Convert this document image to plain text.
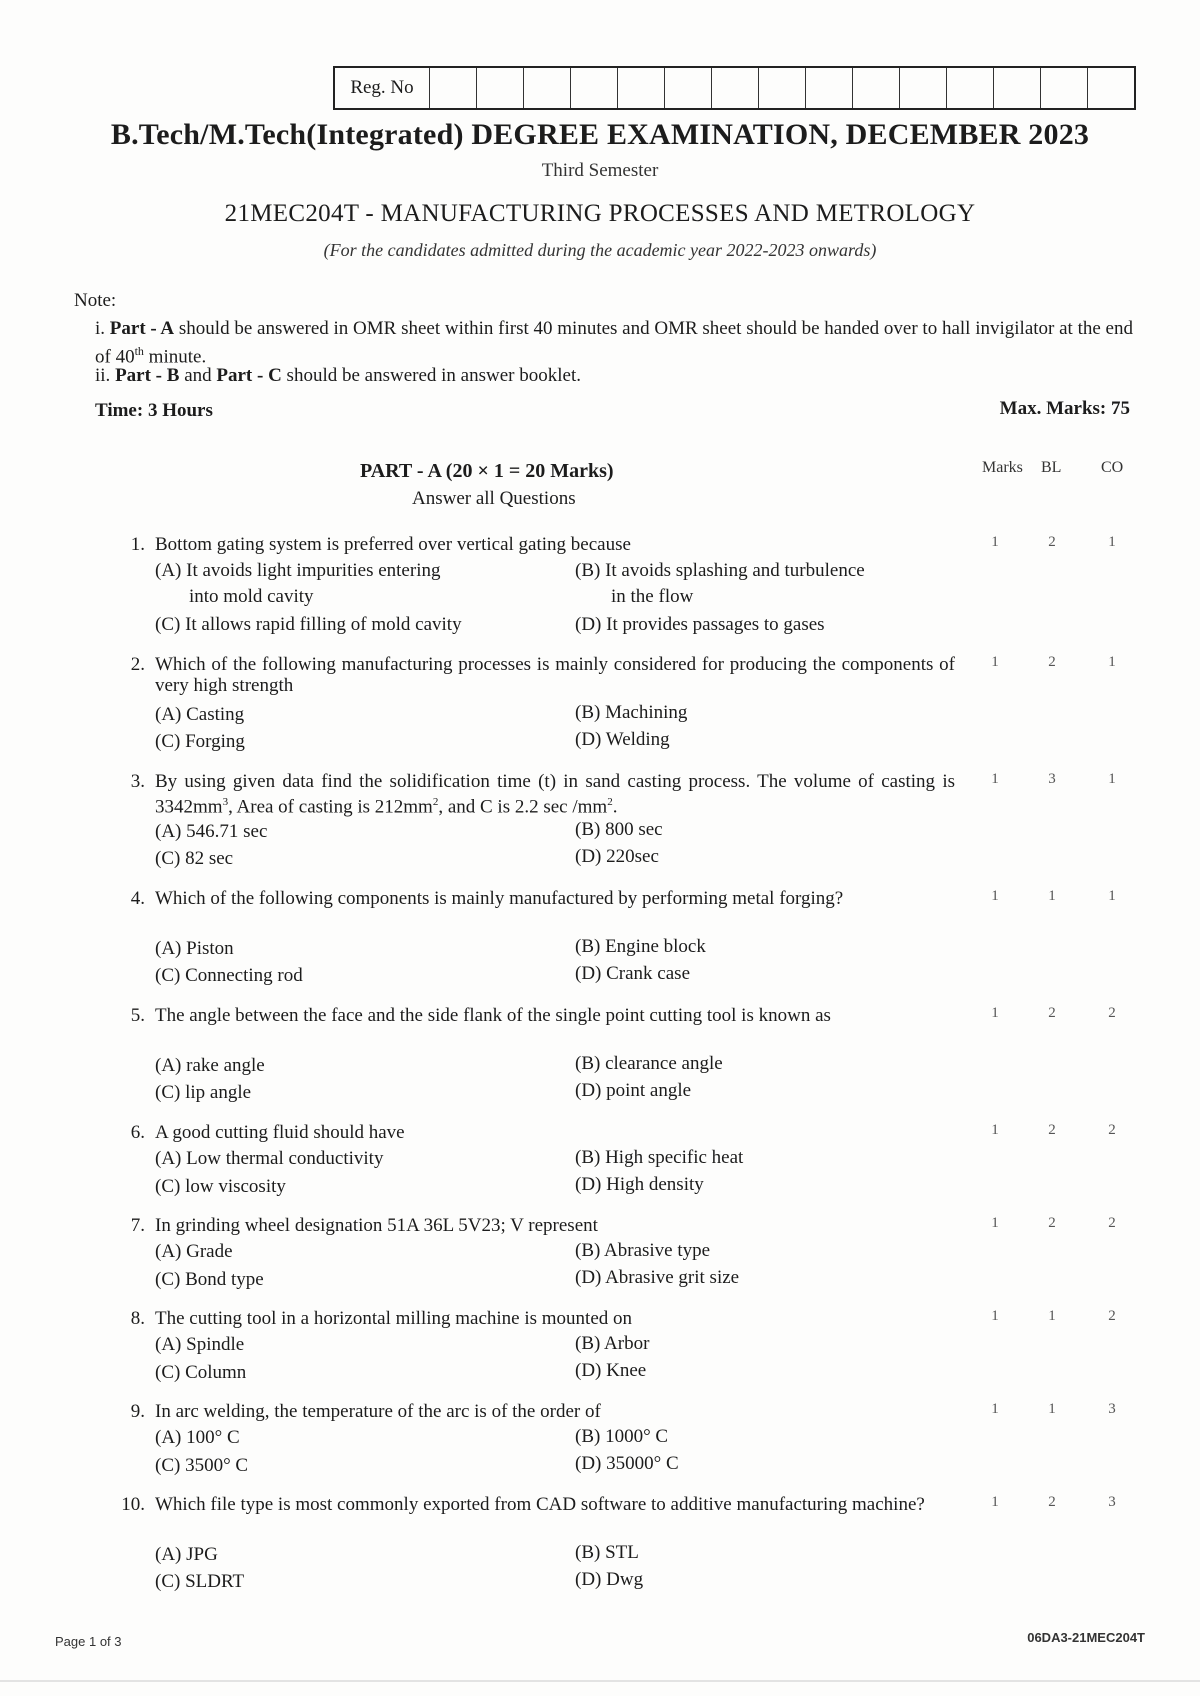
Reg. No
B.Tech/M.Tech(Integrated) DEGREE EXAMINATION, DECEMBER 2023
Third Semester
21MEC204T - MANUFACTURING PROCESSES AND METROLOGY
(For the candidates admitted during the academic year 2022-2023 onwards)
Note:
i. Part - A should be answered in OMR sheet within first 40 minutes and OMR sheet should be handed over to hall invigilator at the end of 40th minute.
ii. Part - B and Part - C should be answered in answer booklet.
Time: 3 Hours	Max. Marks: 75
PART - A (20 × 1 = 20 Marks)
Answer all Questions
Marks BL CO
1. Bottom gating system is preferred over vertical gating because
(A) It avoids light impurities entering
into mold cavity
(B) It avoids splashing and turbulence
in the flow
(C) It allows rapid filling of mold cavity	(D) It provides passages to gases
1	2	1
2. Which of the following manufacturing processes is mainly considered for producing the components of very high strength
(A) Casting	(B) Machining
(C) Forging	(D) Welding
1	2	1
3. By using given data find the solidification time (t) in sand casting process. The volume of casting is $3342mm^3$, Area of casting is $212mm^2$, and C is 2.2 $\sec /mm^2$.
(A) 546.71 sec	(B) 800 sec
(C) 82 sec	(D) 220sec
1	3	1
4. Which of the following components is mainly manufactured by performing metal forging?
(A) Piston	(B) Engine block
(C) Connecting rod	(D) Crank case
1	1	1
5. The angle between the face and the side flank of the single point cutting tool is known as
(A) rake angle	(B) clearance angle
(C) lip angle	(D) point angle
1	2	2
6. A good cutting fluid should have
(A) Low thermal conductivity	(B) High specific heat
(C) low viscosity	(D) High density
1	2	2
7. In grinding wheel designation 51A 36L 5V23; V represent
(A) Grade	(B) Abrasive type
(C) Bond type	(D) Abrasive grit size
1	2	2
8. The cutting tool in a horizontal milling machine is mounted on
(A) Spindle	(B) Arbor
(C) Column	(D) Knee
1	1	2
9. In arc welding, the temperature of the arc is of the order of
(A) 100° C	(B) 1000° C
(C) 3500° C	(D) 35000° C
1	1	3
10. Which file type is most commonly exported from CAD software to additive manufacturing machine?
(A) JPG	(B) STL
(C) SLDRT	(D) Dwg
1	2	3
Page 1 of 3	06DA3-21MEC204T
